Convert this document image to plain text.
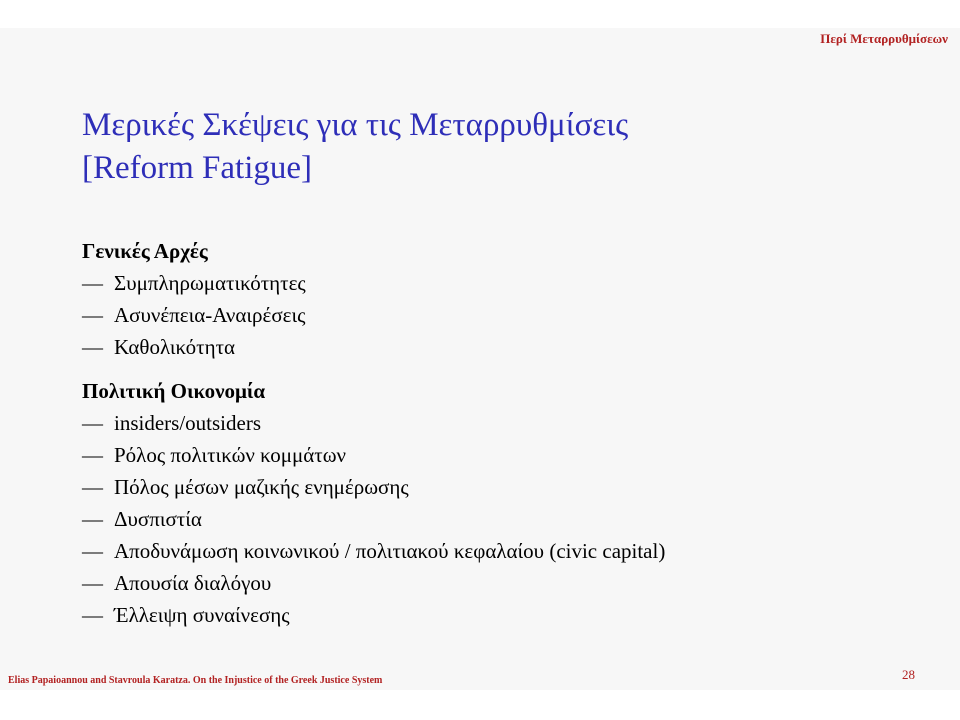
Περί Μεταρρυθμίσεων
Μερικές Σκέψεις για τις Μεταρρυθμίσεις
[Reform Fatigue]
Γενικές Αρχές
— Συμπληρωματικότητες
— Ασυνέπεια-Αναιρέσεις
— Καθολικότητα
Πολιτική Οικονομία
— insiders/outsiders
— Ρόλος πολιτικών κομμάτων
— Πόλος μέσων μαζικής ενημέρωσης
— Δυσπιστία
— Αποδυνάμωση κοινωνικού / πολιτιακού κεφαλαίου (civic capital)
— Απουσία διαλόγου
— Έλλειψη συναίνεσης
Elias Papaioannou and Stavroula Karatza. On the Injustice of the Greek Justice System	28
